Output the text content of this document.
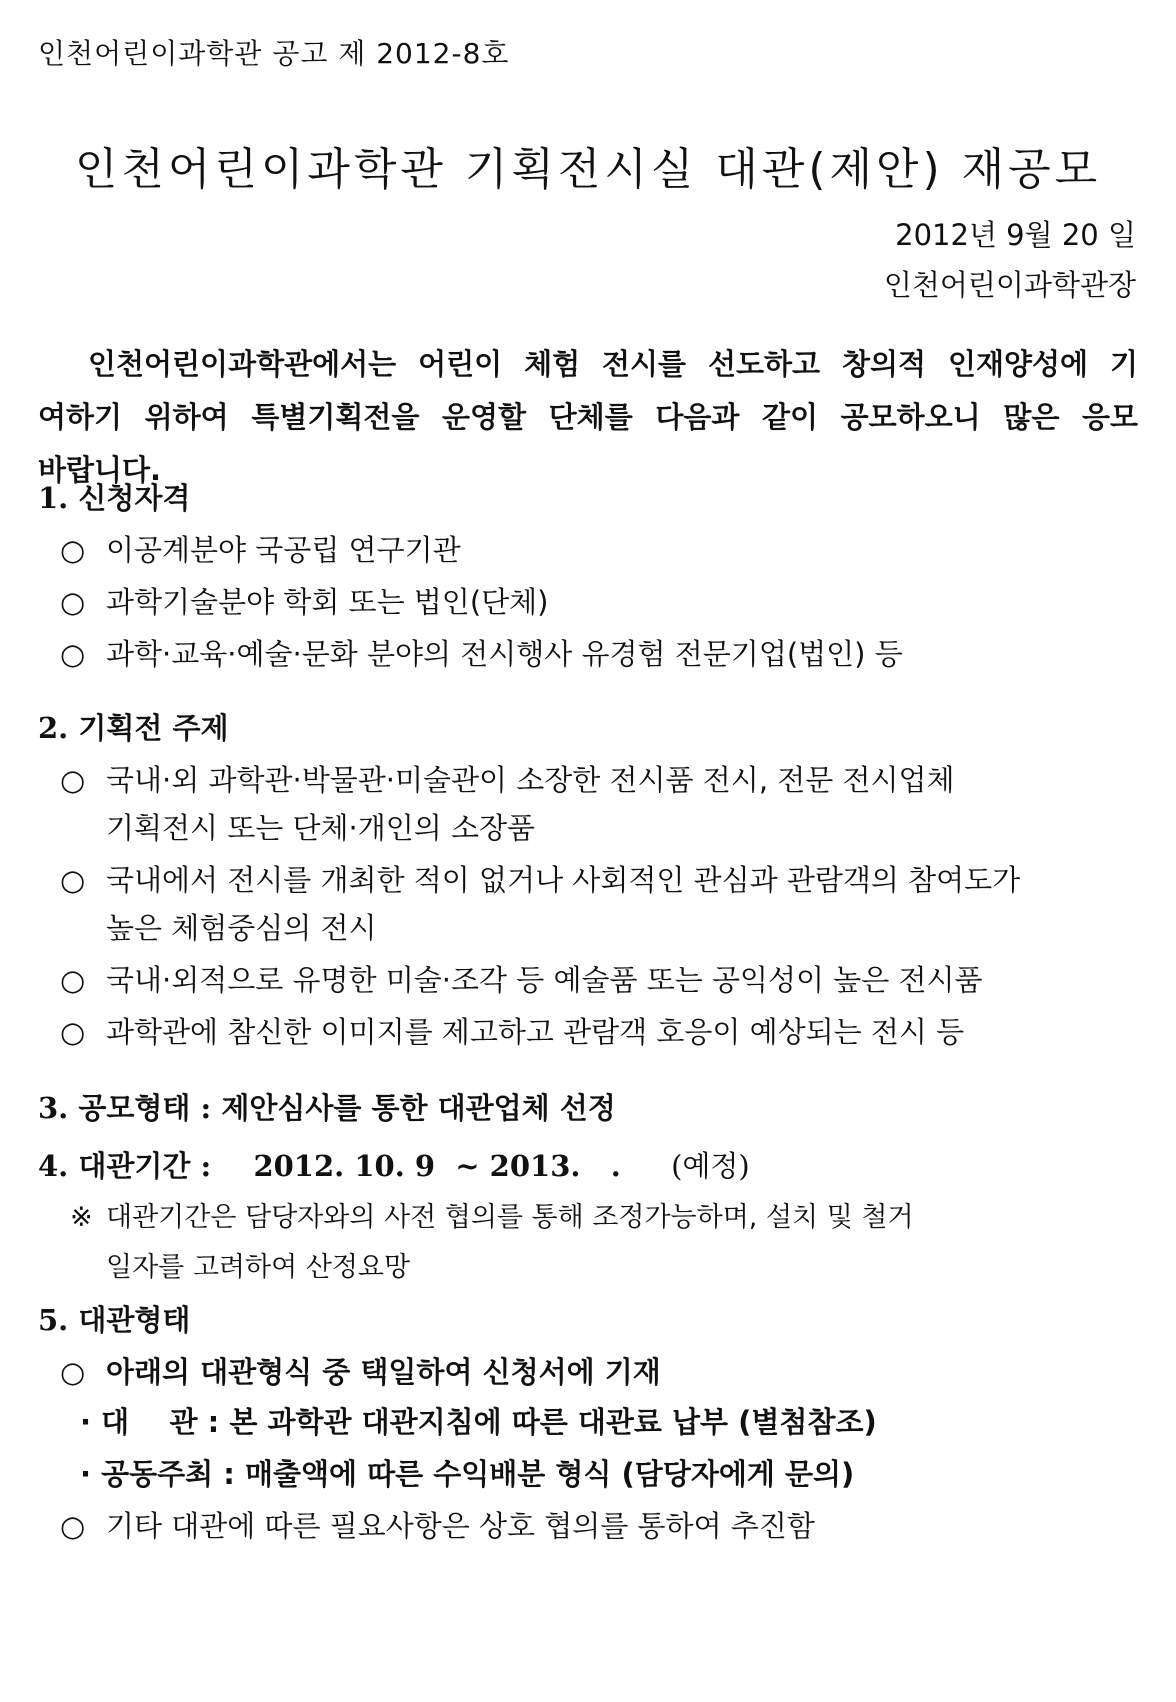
인천어린이과학관 공고 제 2012-8호
인천어린이과학관 기획전시실 대관(제안) 재공모
2012년 9월 20 일
인천어린이과학관장
인천어린이과학관에서는 어린이 체험 전시를 선도하고 창의적 인재양성에 기여하기 위하여 특별기획전을 운영할 단체를 다음과 같이 공모하오니 많은 응모 바랍니다.
1. 신청자격
○ 이공계분야 국공립 연구기관
○ 과학기술분야 학회 또는 법인(단체)
○ 과학·교육·예술·문화 분야의 전시행사 유경험 전문기업(법인) 등
2. 기획전 주제
○ 국내·외 과학관·박물관·미술관이 소장한 전시품 전시, 전문 전시업체
기획전시 또는 단체·개인의 소장품
○ 국내에서 전시를 개최한 적이 없거나 사회적인 관심과 관람객의 참여도가
높은 체험중심의 전시
○ 국내·외적으로 유명한 미술·조각 등 예술품 또는 공익성이 높은 전시품
○ 과학관에 참신한 이미지를 제고하고 관람객 호응이 예상되는 전시 등
3. 공모형태 : 제안심사를 통한 대관업체 선정
4. 대관기간 : 2012. 10. 9  ~ 2013.   . (예정)
※ 대관기간은 담당자와의 사전 협의를 통해 조정가능하며, 설치 및 철거
일자를 고려하여 산정요망
5. 대관형태
○ 아래의 대관형식 중 택일하여 신청서에 기재
· 대    관 : 본 과학관 대관지침에 따른 대관료 납부 (별첨참조)
· 공동주최 : 매출액에 따른 수익배분 형식 (담당자에게 문의)
○ 기타 대관에 따른 필요사항은 상호 협의를 통하여 추진함
